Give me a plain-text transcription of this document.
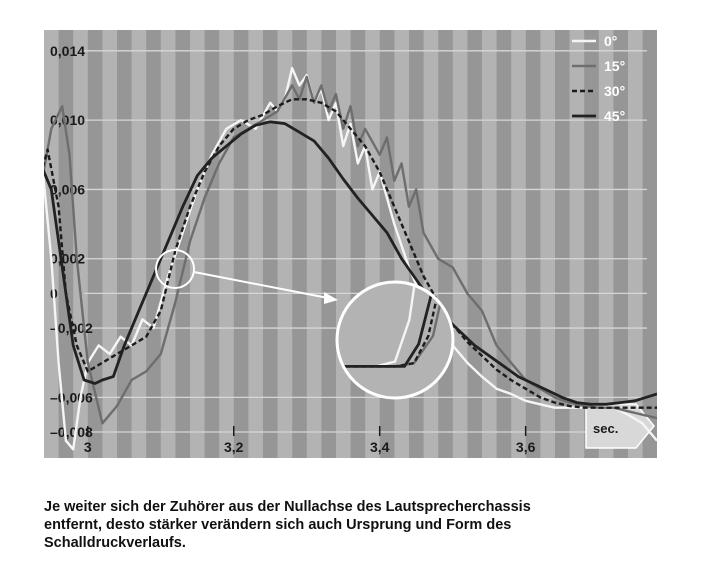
0,014
0,010
0,006
0,002
0
–0,002
–0,006
–0,008
3	3,2	3,4	3,6
sec.
0°
15°
30°
45°
Je weiter sich der Zuhörer aus der Nullachse des Lautsprecherchassis
entfernt, desto stärker verändern sich auch Ursprung und Form des
Schalldruckverlaufs.
